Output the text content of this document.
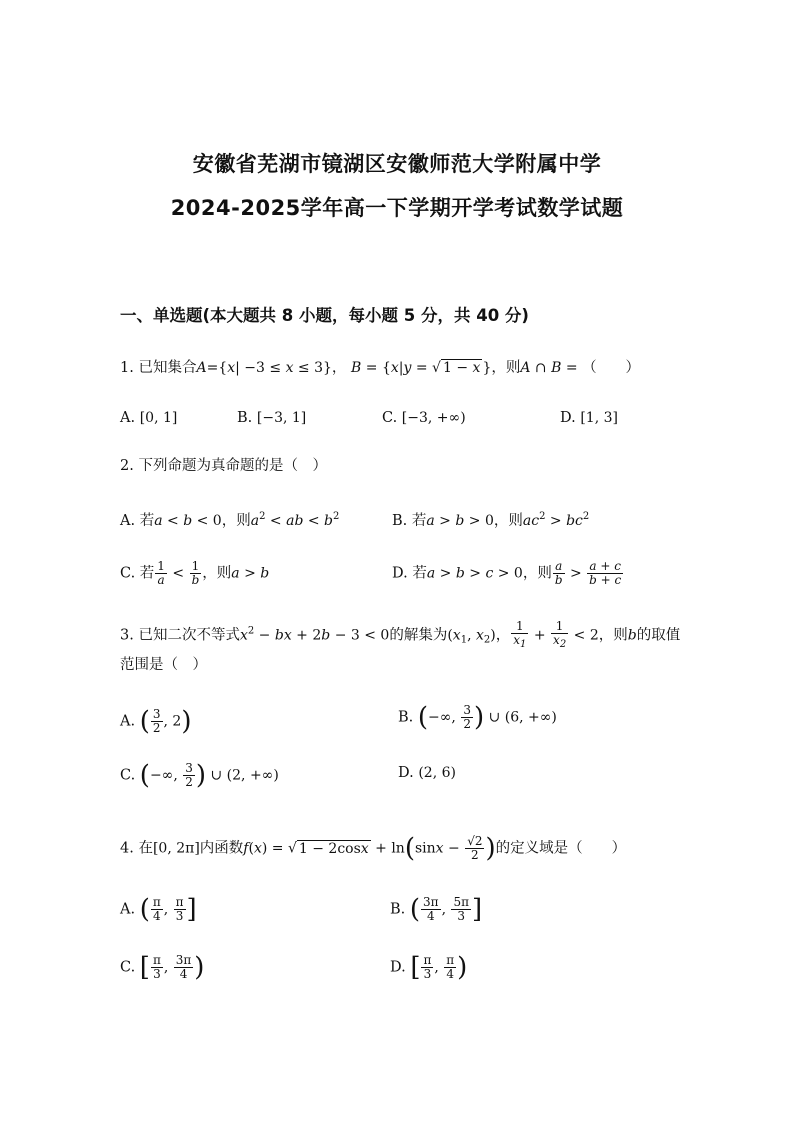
安徽省芜湖市镜湖区安徽师范大学附属中学
2024-2025学年高一下学期开学考试数学试题
一、单选题(本大题共 8 小题，每小题 5 分，共 40 分)
1. 已知集合A={x| −3 ≤ x ≤ 3}， B = {x|y = √ 1 − x }，则A ∩ B = （　　）
A. [0, 1]	B. [−3, 1]	C. [−3, +∞)	D. [1, 3]
2. 下列命题为真命题的是（　）
A. 若a < b < 0，则$a^2$ < ab < $b^2$	B. 若a > b > 0，则$ac^2 > bc^2$
C. 若 $\frac{1}{a} < \frac{1}{b}$ ，则a > b	D. 若a > b > c > 0，则 $\frac{a}{b} > \frac{a + c}{b + c}$
3. 已知二次不等式$x^2$ − bx + 2b − 3 < 0的解集为($x_1$, $x_2$)， $\frac{1}{x_1} + \frac{1}{x_2} < 2$，则b的取值
范围是（　）
A. ( $\frac{3}{2}$ , 2)	B. (−∞, $\frac{3}{2}$ ) ∪ (6, +∞)
C. (−∞, $\frac{3}{2}$ ) ∪ (2, +∞)	D. (2, 6)
4. 在[0, 2π]内函数f(x) = √ $1 - 2\cos x + \ln(\sin x - \frac{√2}{2}$ )的定义域是（　　）
A. ( $\frac{\pi}{4}$ , $\frac{\pi}{3}$ ]	B. ( $\frac{3\pi}{4}$ , $\frac{5\pi}{3}$ ]
C. [ $\frac{\pi}{3}$ , $\frac{3\pi}{4}$ )	D. [ $\frac{\pi}{3}$ , $\frac{\pi}{4}$ )
